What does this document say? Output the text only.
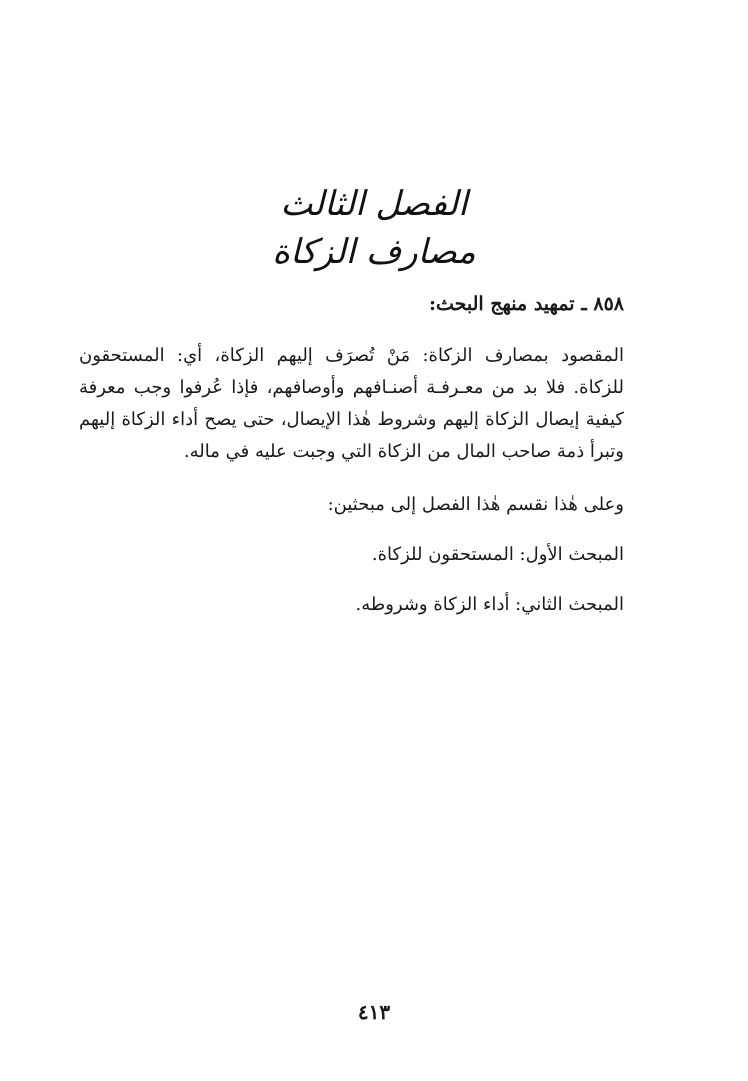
الفصل الثالث
مصارف الزكاة
٨٥٨ ـ تمهيد منهج البحث:

المقصود بمصارف الزكاة: مَنْ تُصرَف إليهم الزكاة، أي: المستحقون للزكاة. فلا بد من معـرفـة أصنـافهم وأوصافهم، فإذا عُرفوا وجب معرفة كيفية إيصال الزكاة إليهم وشروط هٰذا الإيصال، حتى يصح أداء الزكاة إليهم وتبرأ ذمة صاحب المال من الزكاة التي وجبت عليه في ماله.

وعلى هٰذا نقسم هٰذا الفصل إلى مبحثين:
المبحث الأول: المستحقون للزكاة.
المبحث الثاني: أداء الزكاة وشروطه.
٤١٣
